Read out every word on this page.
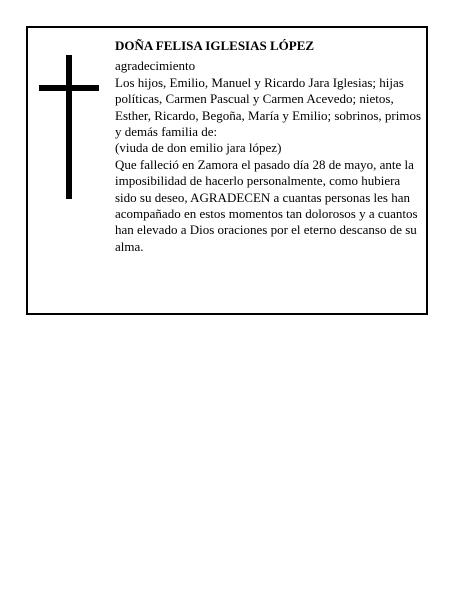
DOÑA FELISA IGLESIAS LÓPEZ

agradecimiento

Los hijos, Emilio, Manuel y Ricardo Jara Iglesias; hijas políticas, Carmen Pascual y Carmen Acevedo; nietos, Esther, Ricardo, Begoña, María y Emilio; sobrinos, primos y demás familia de:

(viuda de don emilio jara lópez)

Que falleció en Zamora el pasado día 28 de mayo, ante la imposibilidad de hacerlo personalmente, como hubiera sido su deseo, AGRADECEN a cuantas personas les han acompañado en estos momentos tan dolorosos y a cuantos han elevado a Dios oraciones por el eterno descanso de su alma.
